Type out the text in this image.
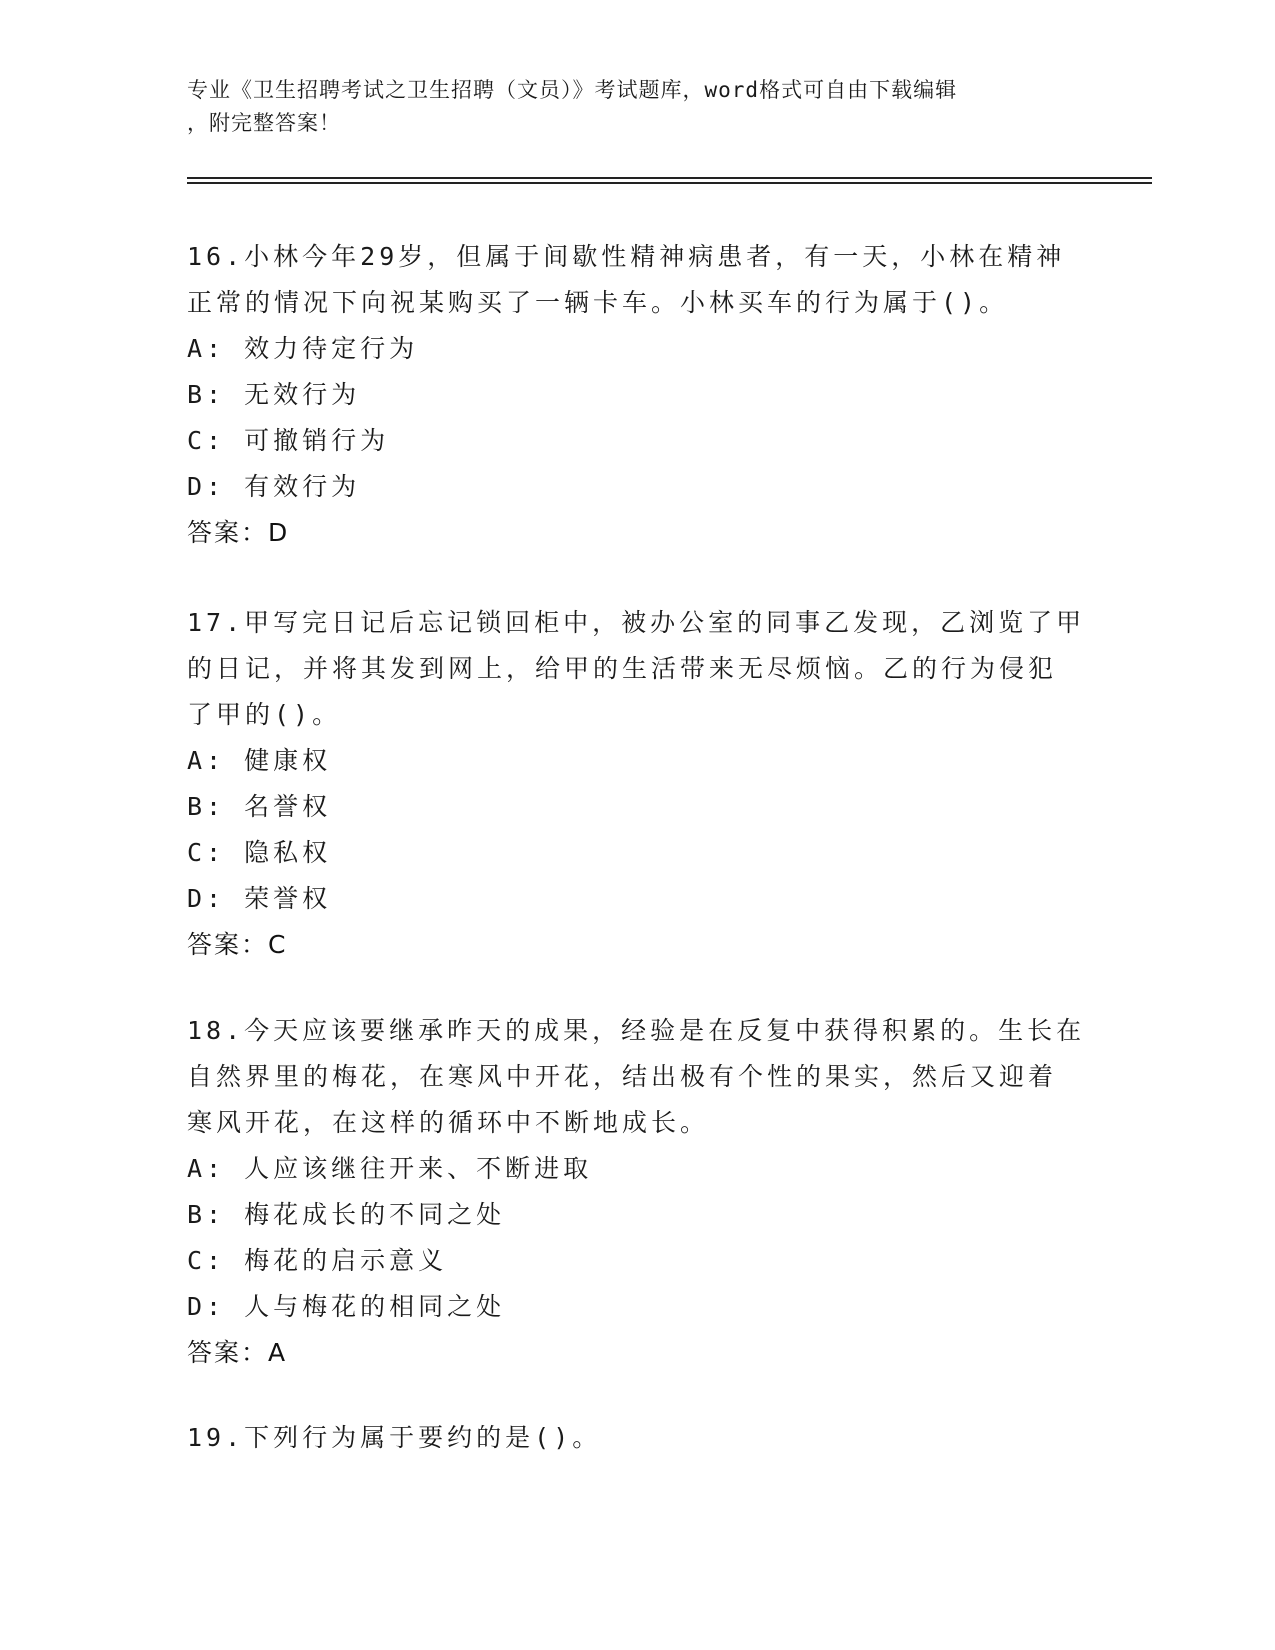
专业《卫生招聘考试之卫生招聘（文员）》考试题库，word格式可自由下载编辑
，附完整答案！
16.小林今年29岁，但属于间歇性精神病患者，有一天，小林在精神
正常的情况下向祝某购买了一辆卡车。小林买车的行为属于()。
A: 效力待定行为
B: 无效行为
C: 可撤销行为
D: 有效行为
答案：D
17.甲写完日记后忘记锁回柜中，被办公室的同事乙发现，乙浏览了甲
的日记，并将其发到网上，给甲的生活带来无尽烦恼。乙的行为侵犯
了甲的()。
A: 健康权
B: 名誉权
C: 隐私权
D: 荣誉权
答案：C
18.今天应该要继承昨天的成果，经验是在反复中获得积累的。生长在
自然界里的梅花，在寒风中开花，结出极有个性的果实，然后又迎着
寒风开花，在这样的循环中不断地成长。
A: 人应该继往开来、不断进取
B: 梅花成长的不同之处
C: 梅花的启示意义
D: 人与梅花的相同之处
答案：A
19.下列行为属于要约的是()。
